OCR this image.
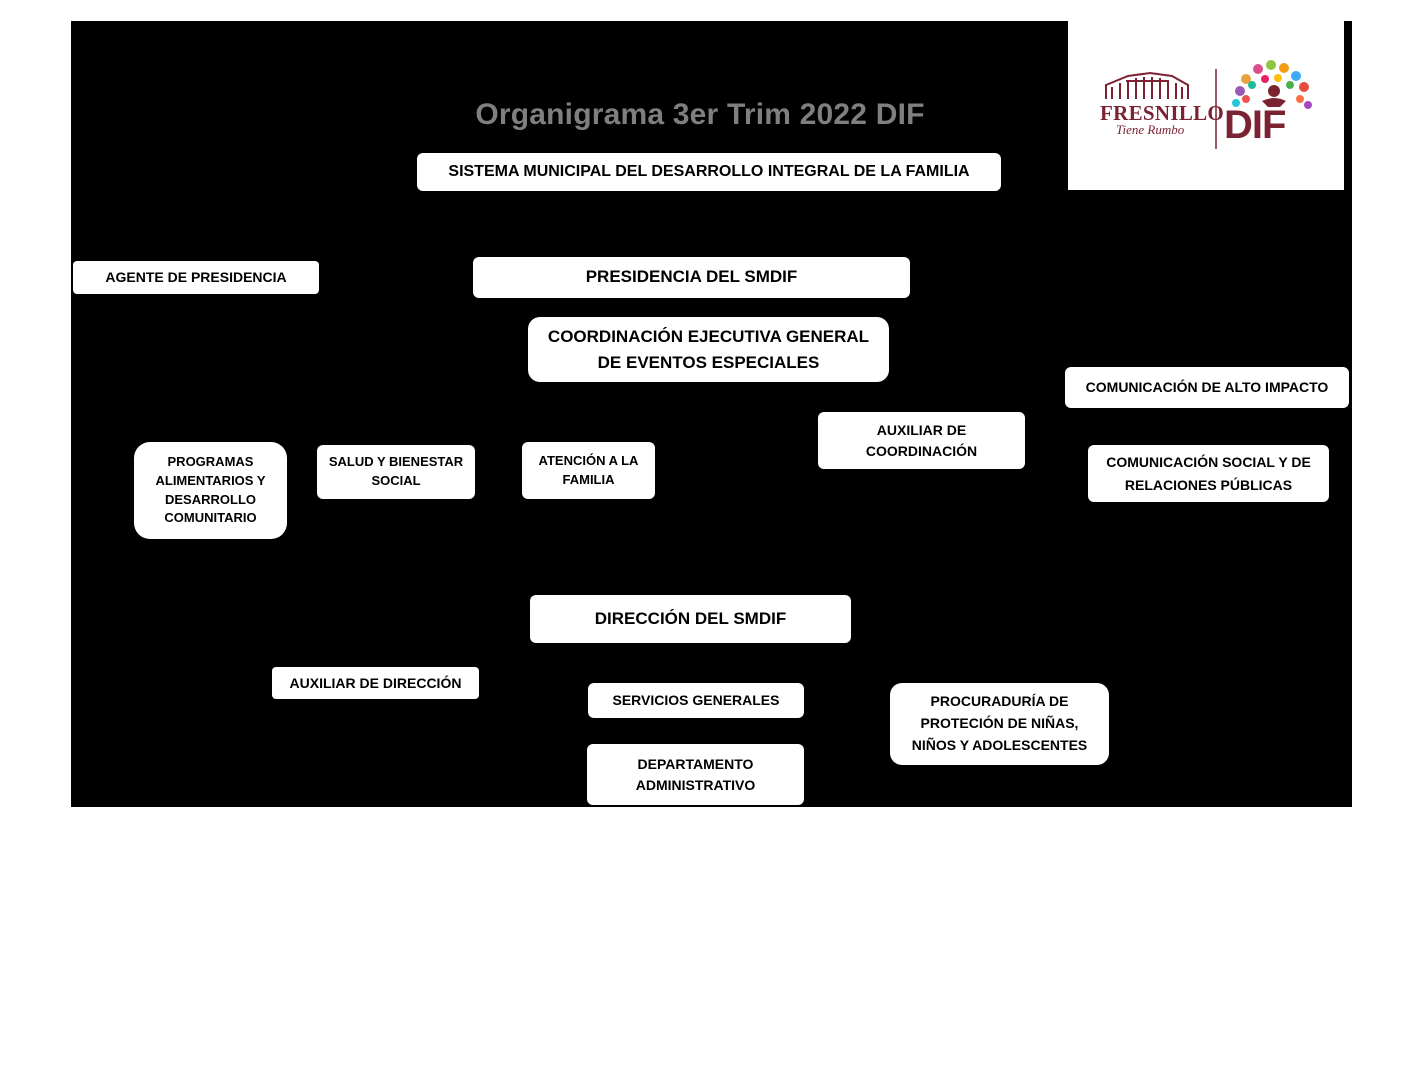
Organigrama 3er Trim 2022 DIF	FRESNILLO
Tiene Rumbo DIF
SISTEMA MUNICIPAL DEL DESARROLLO INTEGRAL DE LA FAMILIA
AGENTE DE PRESIDENCIA	PRESIDENCIA DEL SMDIF
COORDINACIÓN EJECUTIVA GENERAL
DE EVENTOS ESPECIALES
COMUNICACIÓN DE ALTO IMPACTO
AUXILIAR DE
COORDINACIÓN
COMUNICACIÓN SOCIAL Y DE
RELACIONES PÚBLICAS
PROGRAMAS
ALIMENTARIOS Y
DESARROLLO
COMUNITARIO
SALUD Y BIENESTAR
SOCIAL
ATENCIÓN A LA
FAMILIA
DIRECCIÓN DEL SMDIF
AUXILIAR DE DIRECCIÓN
SERVICIOS GENERALES	PROCURADURÍA DE
PROTECIÓN DE NIÑAS,
NIÑOS Y ADOLESCENTES
DEPARTAMENTO
ADMINISTRATIVO
